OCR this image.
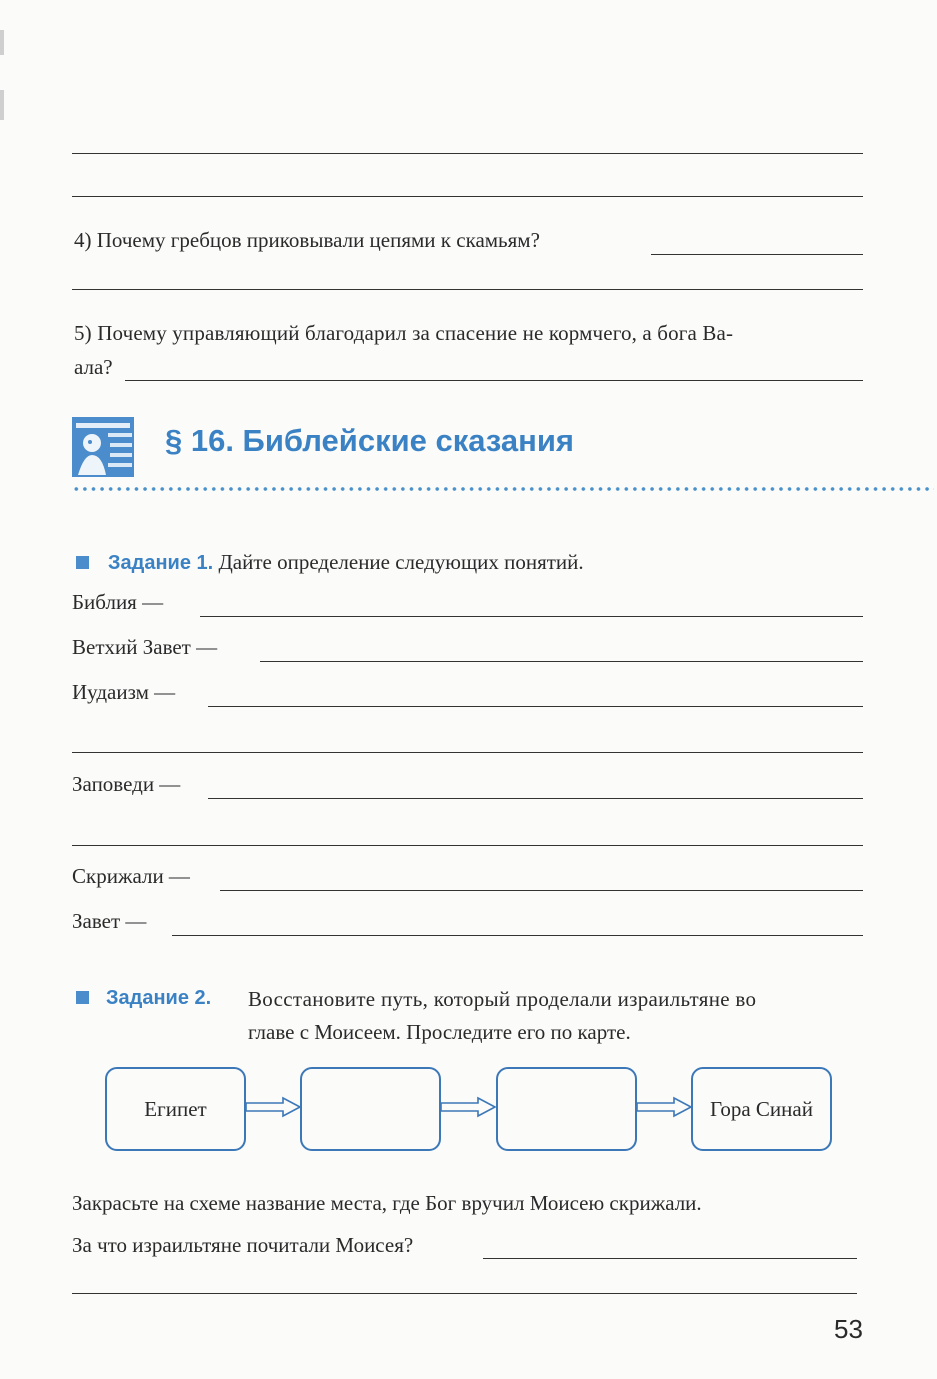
4) Почему гребцов приковывали цепями к скамьям?
5) Почему управляющий благодарил за спасение не кормчего, а бога Ва-
ала?
§ 16. Библейские сказания
Задание 1. Дайте определение следующих понятий.
Библия —
Ветхий Завет —
Иудаизм —
Заповеди —
Скрижали —
Завет —
Задание 2. Восстановите путь, который проделали израильтяне во
главе с Моисеем. Проследите его по карте.
Египет	Гора Синай
Закрасьте на схеме название места, где Бог вручил Моисею скрижали.
За что израильтяне почитали Моисея?
53
